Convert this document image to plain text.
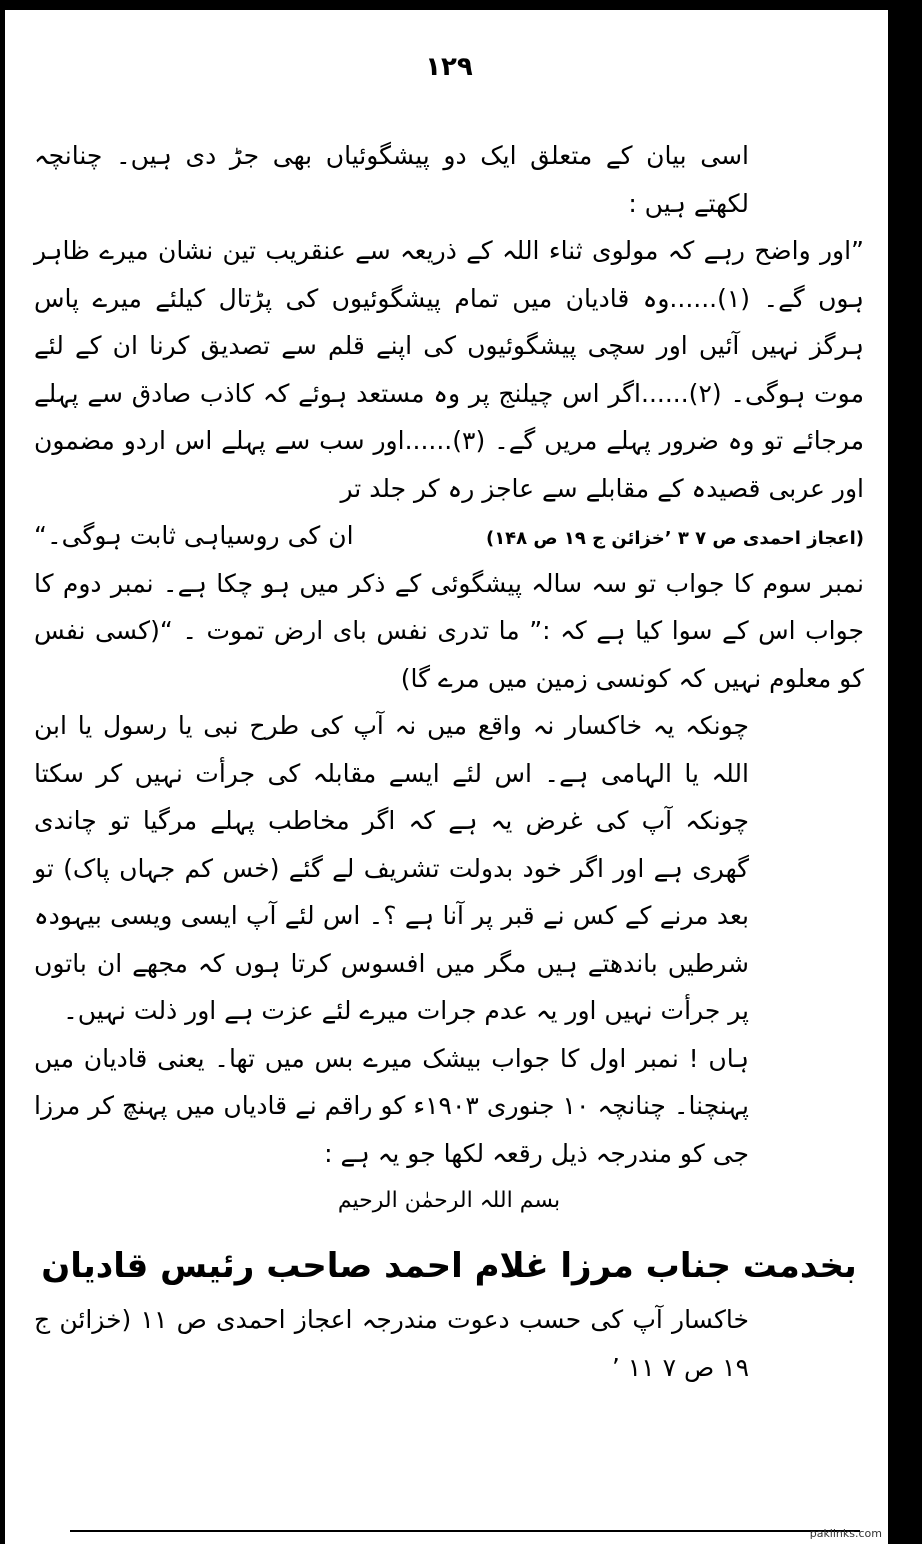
۱۲۹

اسی بیان کے متعلق ایک دو پیشگوئیاں بھی جڑ دی ہیں۔ چنانچہ لکھتے ہیں :

”اور واضح رہے کہ مولوی ثناء اللہ کے ذریعہ سے عنقریب تین نشان میرے ظاہر ہوں گے۔ (۱)......وہ قادیان میں تمام پیشگوئیوں کی پڑتال کیلئے میرے پاس ہرگز نہیں آئیں اور سچی پیشگوئیوں کی اپنے قلم سے تصدیق کرنا ان کے لئے موت ہوگی۔ (۲)......اگر اس چیلنج پر وہ مستعد ہوئے کہ کاذب صادق سے پہلے مرجائے تو وہ ضرور پہلے مریں گے۔ (۳)......اور سب سے پہلے اس اردو مضمون اور عربی قصیدہ کے مقابلے سے عاجز رہ کر جلد تر

ان کی روسیاہی ثابت ہوگی۔“	(اعجاز احمدی ص ۷ ۳ ’خزائن ج ۱۹ ص ۱۴۸)

نمبر سوم کا جواب تو سہ سالہ پیشگوئی کے ذکر میں ہو چکا ہے۔ نمبر دوم کا جواب اس کے سوا کیا ہے کہ :” ما تدری نفس بای ارض تموت ۔ “(کسی نفس کو معلوم نہیں کہ کونسی زمین میں مرے گا)

چونکہ یہ خاکسار نہ واقع میں نہ آپ کی طرح نبی یا رسول یا ابن اللہ یا الہامی ہے۔ اس لئے ایسے مقابلہ کی جرأت نہیں کر سکتا چونکہ آپ کی غرض یہ ہے کہ اگر مخاطب پہلے مرگیا تو چاندی گھری ہے اور اگر خود بدولت تشریف لے گئے (خس کم جہاں پاک) تو بعد مرنے کے کس نے قبر پر آنا ہے ؟۔ اس لئے آپ ایسی ویسی بیہودہ شرطیں باندھتے ہیں مگر میں افسوس کرتا ہوں کہ مجھے ان باتوں پر جرأت نہیں اور یہ عدم جرات میرے لئے عزت ہے اور ذلت نہیں۔

ہاں ! نمبر اول کا جواب بیشک میرے بس میں تھا۔ یعنی قادیان میں پہنچنا۔ چنانچہ ۱۰ جنوری ۱۹۰۳ء کو راقم نے قادیاں میں پہنچ کر مرزا جی کو مندرجہ ذیل رقعہ لکھا جو یہ ہے :

بسم اللہ الرحمٰن الرحیم
بخدمت جناب مرزا غلام احمد صاحب رئیس قادیان

خاکسار آپ کی حسب دعوت مندرجہ اعجاز احمدی ص ۱۱ (خزائن ج ۱۹ ص ۷ ۱۱ ’

paklinks.com
